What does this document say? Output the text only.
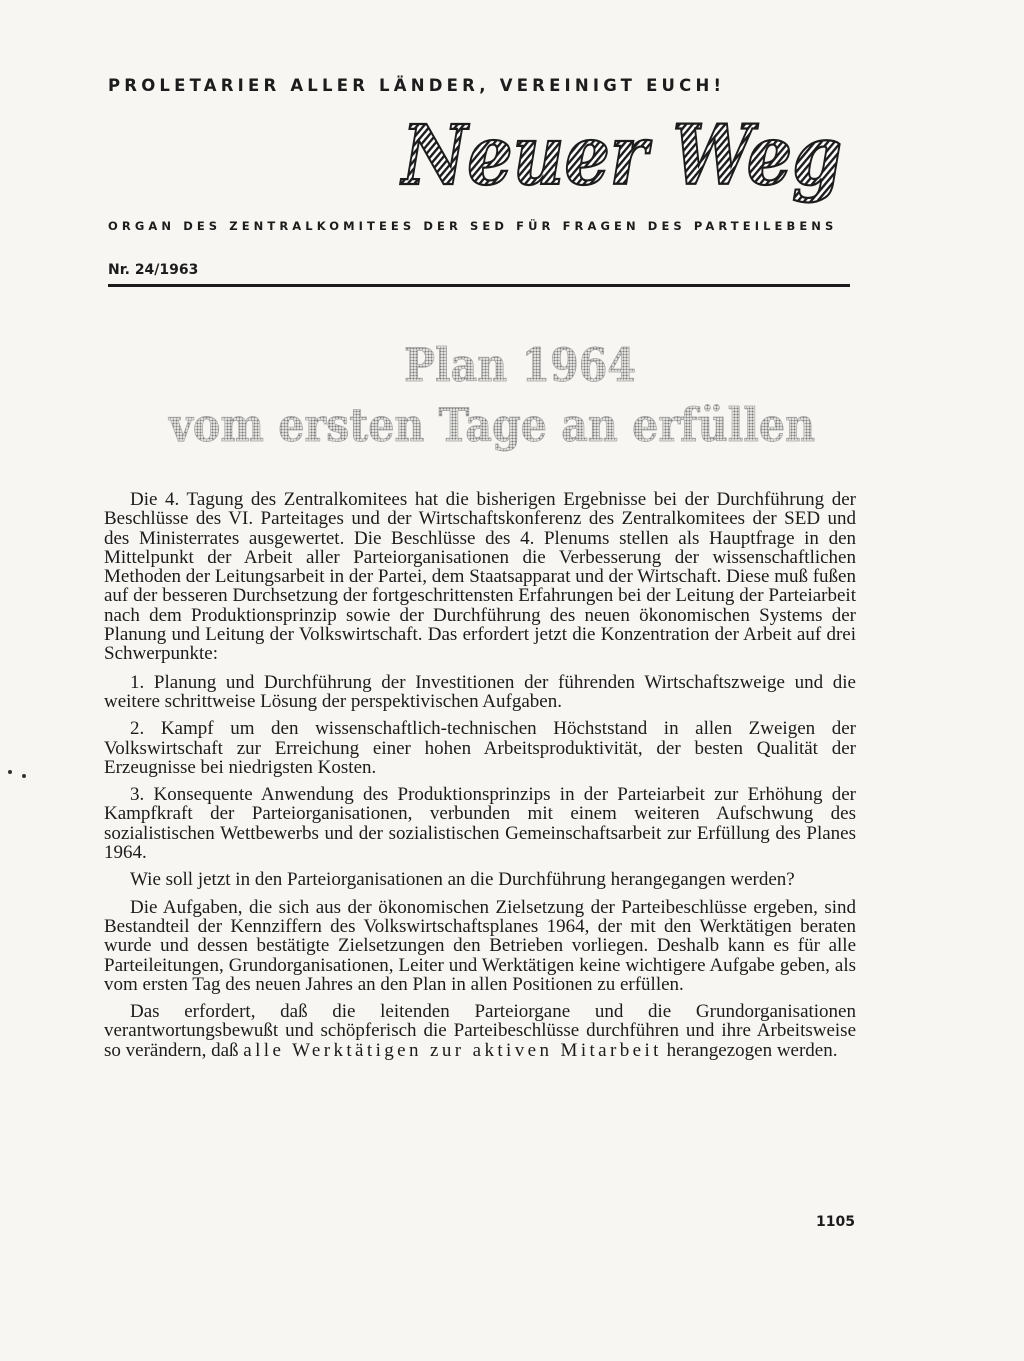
PROLETARIER ALLER LÄNDER, VEREINIGT EUCH!
Neuer Weg
ORGAN DES ZENTRALKOMITEES DER SED FÜR FRAGEN DES PARTEILEBENS
Nr. 24/1963
Plan 1964
vom ersten Tage an erfüllen

Die 4. Tagung des Zentralkomitees hat die bisherigen Ergebnisse bei der Durchführung der Beschlüsse des VI. Parteitages und der Wirtschaftskonferenz des Zentralkomitees der SED und des Ministerrates ausgewertet. Die Beschlüsse des 4. Plenums stellen als Hauptfrage in den Mittelpunkt der Arbeit aller Parteiorganisationen die Verbesserung der wissenschaftlichen Methoden der Leitungsarbeit in der Partei, dem Staatsapparat und der Wirtschaft. Diese muß fußen auf der besseren Durchsetzung der fortgeschrittensten Erfahrungen bei der Leitung der Parteiarbeit nach dem Produktionsprinzip sowie der Durchführung des neuen ökonomischen Systems der Planung und Leitung der Volkswirtschaft. Das erfordert jetzt die Konzentration der Arbeit auf drei Schwerpunkte:

1. Planung und Durchführung der Investitionen der führenden Wirtschaftszweige und die weitere schrittweise Lösung der perspektivischen Aufgaben.

2. Kampf um den wissenschaftlich-technischen Höchststand in allen Zweigen der Volkswirtschaft zur Erreichung einer hohen Arbeitsproduktivität, der besten Qualität der Erzeugnisse bei niedrigsten Kosten.

3. Konsequente Anwendung des Produktionsprinzips in der Parteiarbeit zur Erhöhung der Kampfkraft der Parteiorganisationen, verbunden mit einem weiteren Aufschwung des sozialistischen Wettbewerbs und der sozialistischen Gemeinschaftsarbeit zur Erfüllung des Planes 1964.

Wie soll jetzt in den Parteiorganisationen an die Durchführung herangegangen werden?

Die Aufgaben, die sich aus der ökonomischen Zielsetzung der Parteibeschlüsse ergeben, sind Bestandteil der Kennziffern des Volkswirtschaftsplanes 1964, der mit den Werktätigen beraten wurde und dessen bestätigte Zielsetzungen den Betrieben vorliegen. Deshalb kann es für alle Parteileitungen, Grundorganisationen, Leiter und Werktätigen keine wichtigere Aufgabe geben, als vom ersten Tag des neuen Jahres an den Plan in allen Positionen zu erfüllen.

Das erfordert, daß die leitenden Parteiorgane und die Grundorganisationen verantwortungsbewußt und schöpferisch die Parteibeschlüsse durchführen und ihre Arbeitsweise so verändern, daß alle Werktätigen zur aktiven Mitarbeit herangezogen werden.

1105
